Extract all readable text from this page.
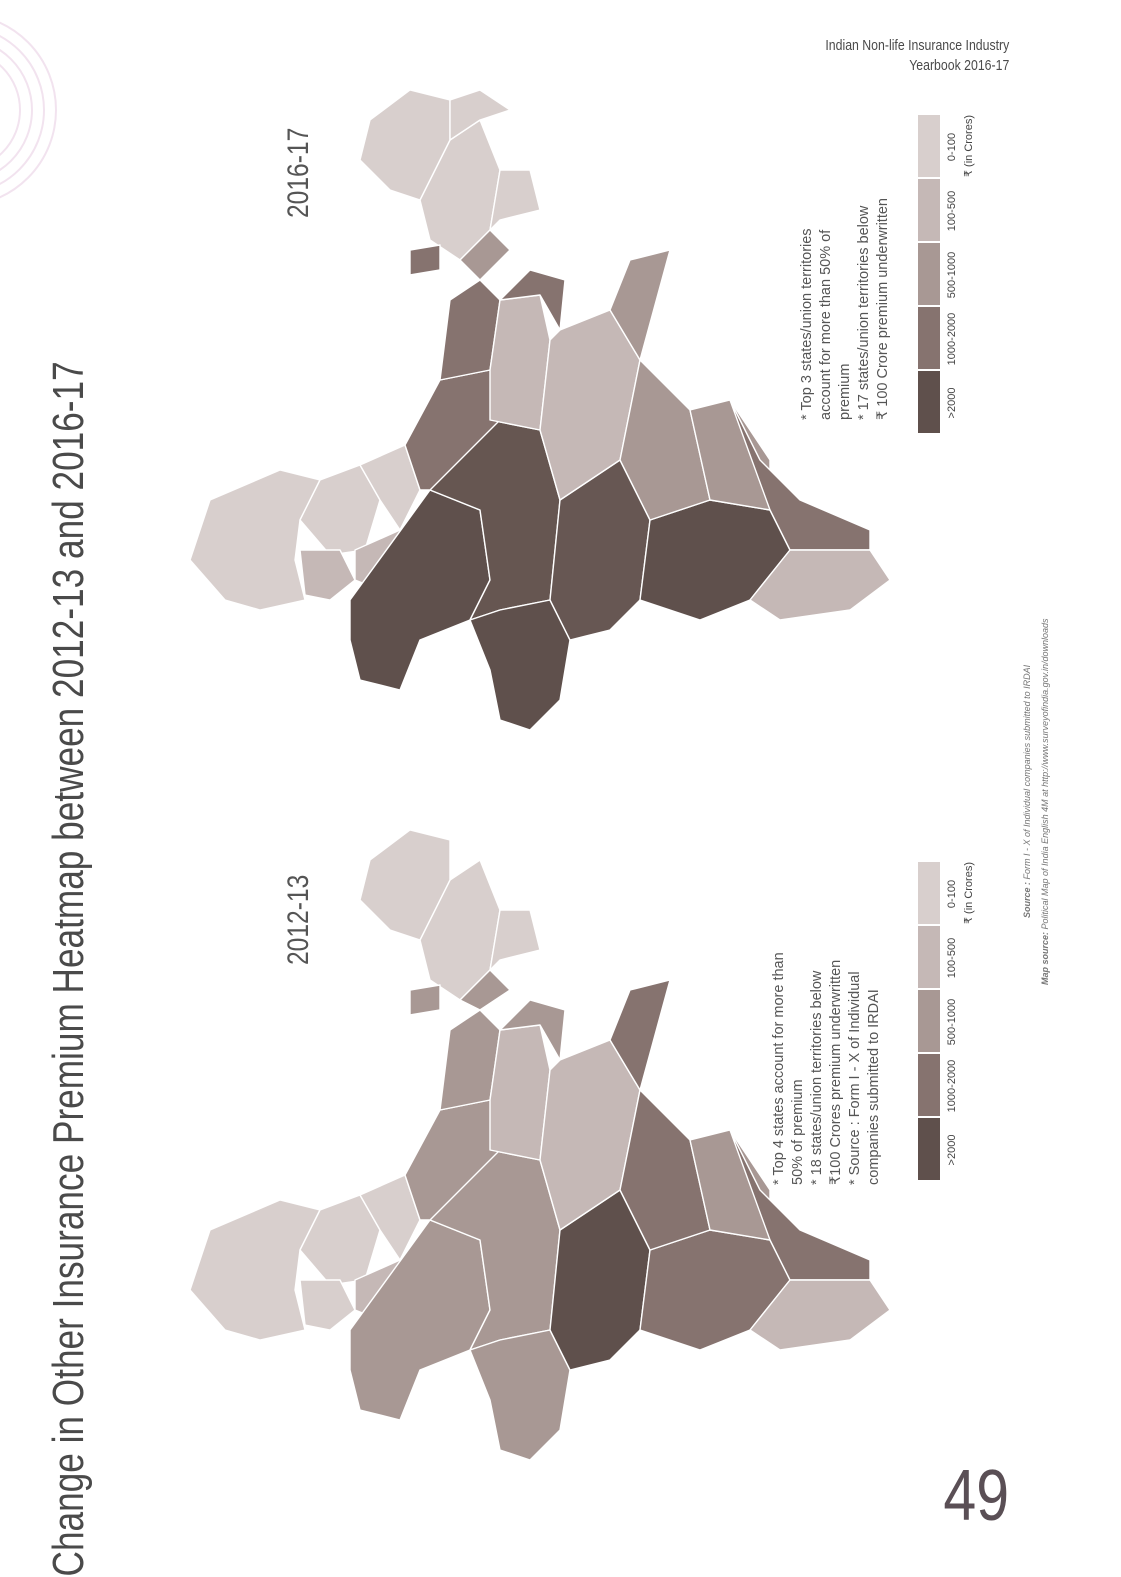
Indian Non-life Insurance Industry
Yearbook 2016-17
Change in Other Insurance Premium Heatmap between 2012-13 and 2016-17
2016-17
* Top 3 states/union territories account for more than 50% of premium * 17 states/union territories below ₹ 100 Crore premium underwritten	>2000
1000-2000
500-1000
100-500
0-100 ₹ (in Crores)
2012-13
* Top 4 states account for more than 50% of premium * 18 states/union territories below ₹100 Crores premium underwritten * Source : Form I - X of Individual companies submitted to IRDAI	>2000
1000-2000
500-1000
100-500
0-100 ₹ (in Crores)	Source : Form I - X of Individual companies submitted to IRDAI
Map source: Political Map of India English 4M at http://www.surveyofindia.gov.in/downloads
49
